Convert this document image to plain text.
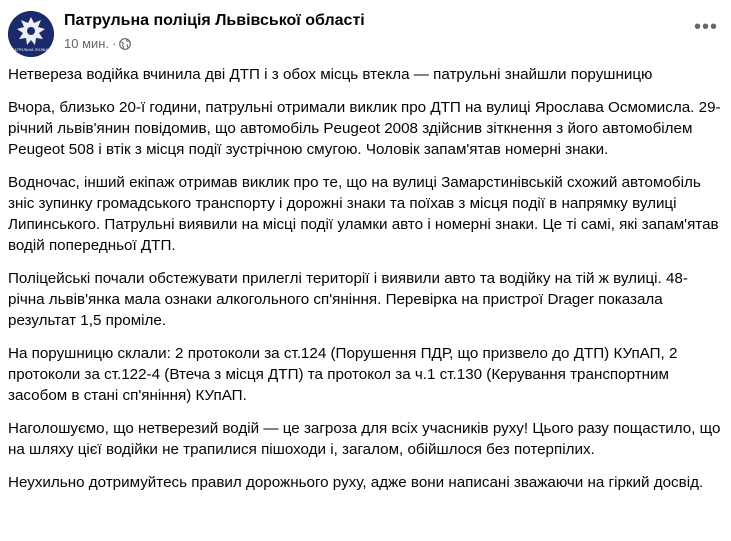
ПАТРУЛЬНА ПОЛІЦІЯ
Патрульна поліція Львівської області
10 мин. ·
•••

Нетвереза водійка вчинила дві ДТП і з обох місць втекла — патрульні знайшли порушницю

Вчора, близько 20-ї години, патрульні отримали виклик про ДТП на вулиці Ярослава Осмомисла. 29-річний львів'янин повідомив, що автомобіль Peugeot 2008 здійснив зіткнення з його автомобілем Peugeot 508 і втік з місця події зустрічною смугою. Чоловік запам'ятав номерні знаки.

Водночас, інший екіпаж отримав виклик про те, що на вулиці Замарстинівській схожий автомобіль зніс зупинку громадського транспорту і дорожні знаки та поїхав з місця події в напрямку вулиці Липинського. Патрульні виявили на місці події уламки авто і номерні знаки. Це ті самі, які запам'ятав водій попередньої ДТП.

Поліцейські почали обстежувати прилеглі території і виявили авто та водійку на тій ж вулиці. 48-річна львів'янка мала ознаки алкогольного сп'яніння. Перевірка на пристрої Drager показала результат 1,5 проміле.

На порушницю склали: 2 протоколи за ст.124 (Порушення ПДР, що призвело до ДТП) КУпАП, 2 протоколи за ст.122-4 (Втеча з місця ДТП) та протокол за ч.1 ст.130 (Керування транспортним засобом в стані сп'яніння) КУпАП.

Наголошуємо, що нетверезий водій — це загроза для всіх учасників руху! Цього разу пощастило, що на шляху цієї водійки не трапилися пішоходи і, загалом, обійшлося без потерпілих.

Неухильно дотримуйтесь правил дорожнього руху, адже вони написані зважаючи на гіркий досвід.
